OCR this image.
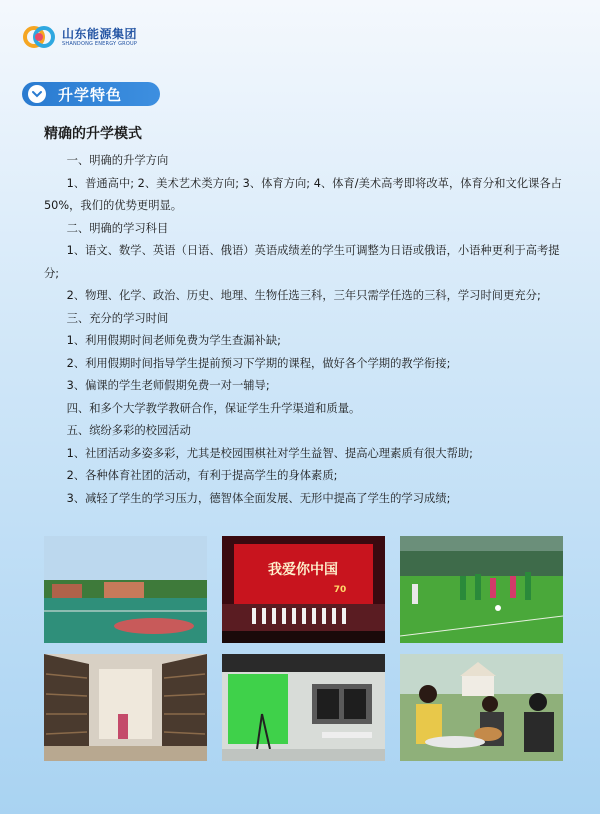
山东能源集团
SHANDONG ENERGY GROUP
升学特色
精确的升学模式

一、明确的升学方向

1、普通高中; 2、美术艺术类方向; 3、体育方向; 4、体育/美术高考即将改革，体育分和文化课各占50%，我们的优势更明显。

二、明确的学习科目

1、语文、数学、英语（日语、俄语）英语成绩差的学生可调整为日语或俄语，小语种更利于高考提分;

2、物理、化学、政治、历史、地理、生物任选三科，三年只需学任选的三科，学习时间更充分;

三、充分的学习时间

1、利用假期时间老师免费为学生查漏补缺;

2、利用假期时间指导学生提前预习下学期的课程，做好各个学期的教学衔接;

3、偏课的学生老师假期免费一对一辅导;

四、和多个大学教学教研合作，保证学生升学渠道和质量。

五、缤纷多彩的校园活动

1、社团活动多姿多彩，尤其是校园围棋社对学生益智、提高心理素质有很大帮助;

2、各种体育社团的活动，有利于提高学生的身体素质;

3、减轻了学生的学习压力，德智体全面发展、无形中提高了学生的学习成绩;

我爱你中国
70
